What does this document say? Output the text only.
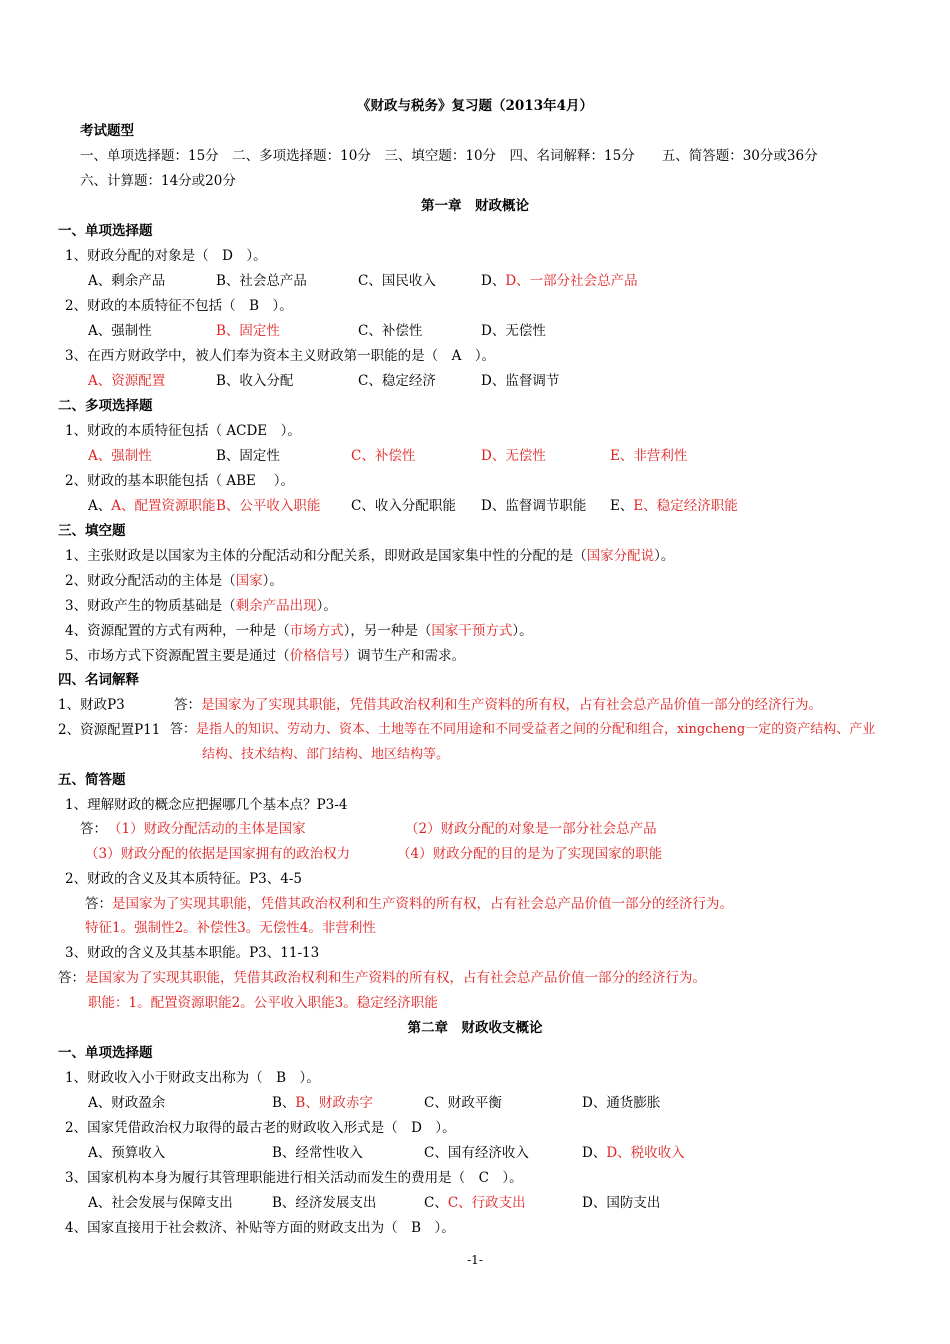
《财政与税务》复习题（2013年4月）
考试题型
一、单项选择题：15分　二、多项选择题：10分　三、填空题：10分　四、名词解释：15分　　五、简答题：30分或36分
六、计算题：14分或20分
第一章　财政概论
一、单项选择题
1、财政分配的对象是（　D　）。
A、剩余产品	B、社会总产品	C、国民收入	D、D、一部分社会总产品
2、财政的本质特征不包括（　B　）。
A、强制性	B、固定性	C、补偿性	D、无偿性
3、在西方财政学中，被人们奉为资本主义财政第一职能的是（　A　）。
A、资源配置	B、收入分配	C、稳定经济	D、监督调节
二、多项选择题
1、财政的本质特征包括（ ACDE　）。
A、强制性	B、固定性	C、补偿性	D、无偿性	E、非营利性
2、财政的基本职能包括（ ABE　 ）。
A、A、配置资源职能 B、公平收入职能 C、收入分配职能 D、监督调节职能 E、E、稳定经济职能
三、填空题
1、主张财政是以国家为主体的分配活动和分配关系，即财政是国家集中性的分配的是（国家分配说）。
2、财政分配活动的主体是（国家）。
3、财政产生的物质基础是（剩余产品出现）。
4、资源配置的方式有两种，一种是（市场方式），另一种是（国家干预方式）。
5、市场方式下资源配置主要是通过（价格信号）调节生产和需求。
四、名词解释
1、财政P3	答：是国家为了实现其职能，凭借其政治权利和生产资料的所有权，占有社会总产品价值一部分的经济行为。
2、资源配置P11 答：是指人的知识、劳动力、资本、土地等在不同用途和不同受益者之间的分配和组合，xingcheng一定的资产结构、产业
结构、技术结构、部门结构、地区结构等。
五、简答题
1、理解财政的概念应把握哪几个基本点？P3-4
答： （1）财政分配活动的主体是国家	（2）财政分配的对象是一部分社会总产品
（3）财政分配的依据是国家拥有的政治权力	（4）财政分配的目的是为了实现国家的职能
2、财政的含义及其本质特征。P3、4-5
答：是国家为了实现其职能，凭借其政治权利和生产资料的所有权，占有社会总产品价值一部分的经济行为。
特征1。强制性2。补偿性3。无偿性4。非营利性
3、财政的含义及其基本职能。P3、11-13
答：是国家为了实现其职能，凭借其政治权利和生产资料的所有权，占有社会总产品价值一部分的经济行为。
职能：1。配置资源职能2。公平收入职能3。稳定经济职能
第二章　财政收支概论
一、单项选择题
1、财政收入小于财政支出称为（　B　）。
A、财政盈余	B、B、财政赤字	C、财政平衡	D、通货膨胀
2、国家凭借政治权力取得的最古老的财政收入形式是（　D　）。
A、预算收入	B、经常性收入	C、国有经济收入	D、D、税收收入
3、国家机构本身为履行其管理职能进行相关活动而发生的费用是（　C　）。
A、社会发展与保障支出	B、经济发展支出	C、C、行政支出	D、国防支出
4、国家直接用于社会救济、补贴等方面的财政支出为（　B　）。
-1-
